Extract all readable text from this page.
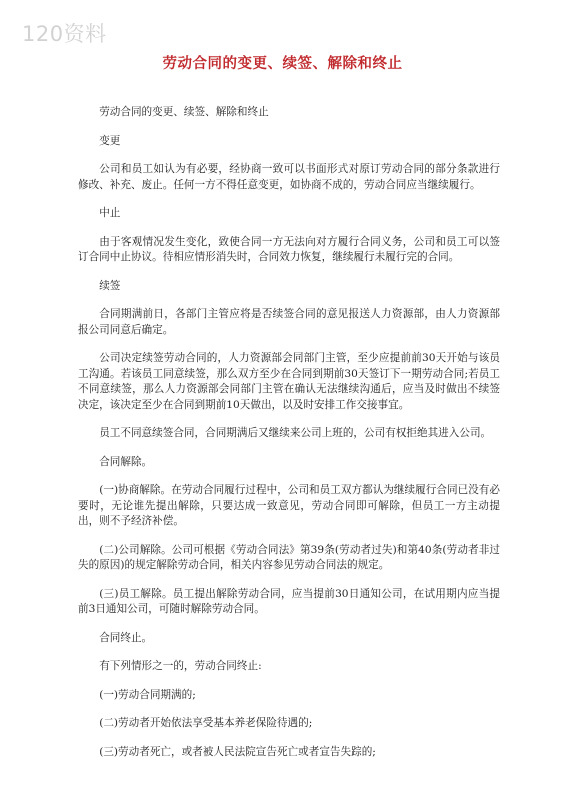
120资料
劳动合同的变更、续签、解除和终止

劳动合同的变更、续签、解除和终止

变更

公司和员工如认为有必要，经协商一致可以书面形式对原订劳动合同的部分条款进行修改、补充、废止。任何一方不得任意变更，如协商不成的，劳动合同应当继续履行。

中止

由于客观情况发生变化，致使合同一方无法向对方履行合同义务，公司和员工可以签订合同中止协议。待相应情形消失时，合同效力恢复，继续履行未履行完的合同。

续签

合同期满前日，各部门主管应将是否续签合同的意见报送人力资源部，由人力资源部报公司同意后确定。

公司决定续签劳动合同的，人力资源部会同部门主管，至少应提前前30天开始与该员工沟通。若该员工同意续签，那么双方至少在合同到期前30天签订下一期劳动合同;若员工不同意续签，那么人力资源部会同部门主管在确认无法继续沟通后，应当及时做出不续签决定，该决定至少在合同到期前10天做出，以及时安排工作交接事宜。

员工不同意续签合同，合同期满后又继续来公司上班的，公司有权拒绝其进入公司。

合同解除。

(一)协商解除。在劳动合同履行过程中，公司和员工双方都认为继续履行合同已没有必要时，无论谁先提出解除，只要达成一致意见，劳动合同即可解除，但员工一方主动提出，则不予经济补偿。

(二)公司解除。公司可根据《劳动合同法》第39条(劳动者过失)和第40条(劳动者非过失的原因)的规定解除劳动合同，相关内容参见劳动合同法的规定。

(三)员工解除。员工提出解除劳动合同，应当提前30日通知公司，在试用期内应当提前3日通知公司，可随时解除劳动合同。

合同终止。

有下列情形之一的，劳动合同终止:

(一)劳动合同期满的;

(二)劳动者开始依法享受基本养老保险待遇的;

(三)劳动者死亡，或者被人民法院宣告死亡或者宣告失踪的;
